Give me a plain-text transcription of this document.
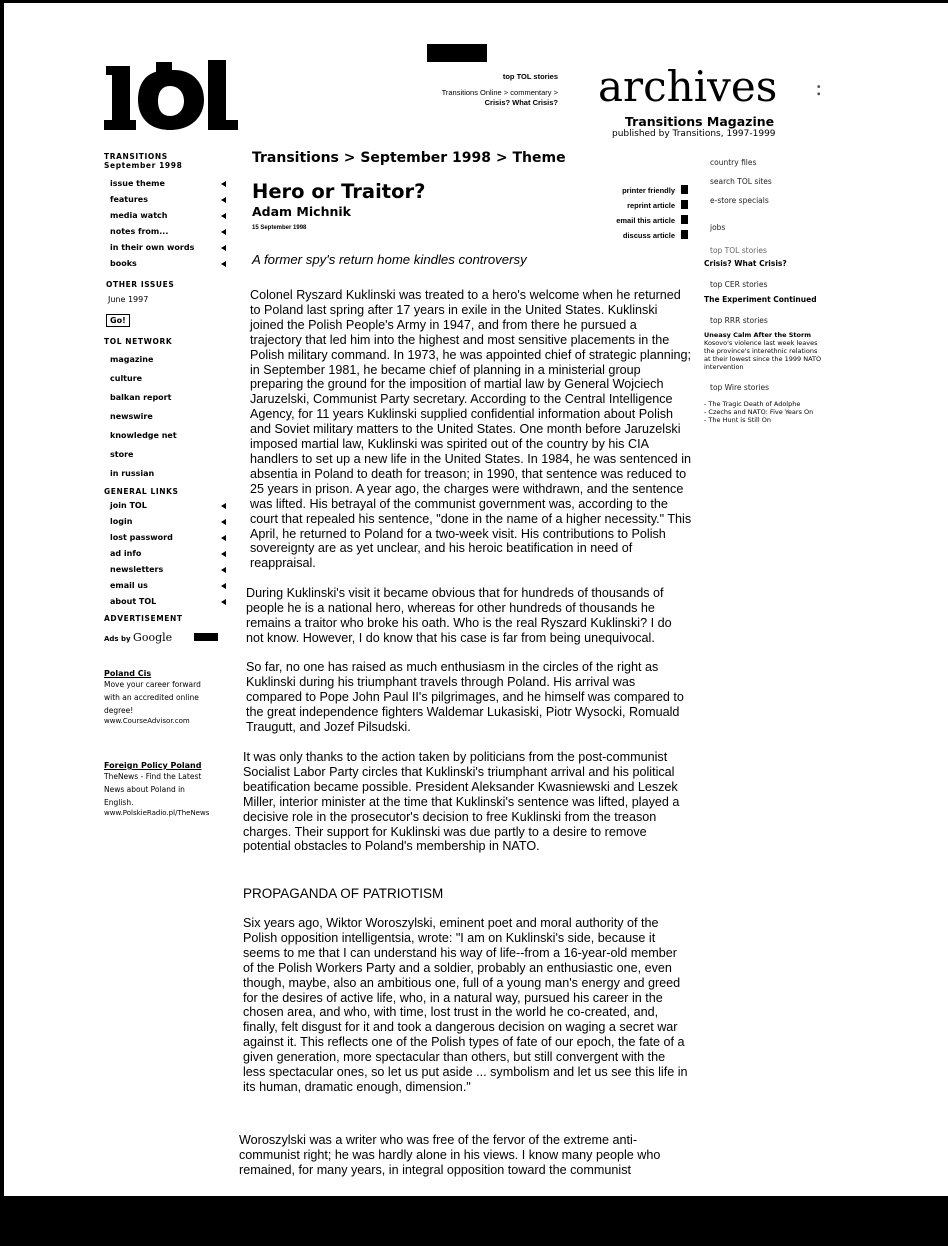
top TOL stories
Transitions Online > commentary >
Crisis? What Crisis? archives :
Transitions Magazine
published by Transitions, 1997-1999
TRANSITIONS
September 1998
issue theme
features
media watch
notes from...
in their own words
books
OTHER ISSUES
June 1997
Go!
TOL NETWORK
magazine
culture
balkan report
newswire
knowledge net
store
in russian
GENERAL LINKS
join TOL
login
lost password
ad info
newsletters
email us
about TOL
ADVERTISEMENT
Ads by Google
Poland Cis
Move your career forward
with an accredited online
degree!
www.CourseAdvisor.com
Foreign Policy Poland
TheNews - Find the Latest
News about Poland in
English.
www.PolskieRadio.pl/TheNews
Transitions > September 1998 > Theme
Hero or Traitor?
Adam Michnik
15 September 1998
printer friendly
reprint article
email this article
discuss article
A former spy's return home kindles controversy

Colonel Ryszard Kuklinski was treated to a hero's welcome when he returned to Poland last spring after 17 years in exile in the United States. Kuklinski joined the Polish People's Army in 1947, and from there he pursued a trajectory that led him into the highest and most sensitive placements in the Polish military command. In 1973, he was appointed chief of strategic planning; in September 1981, he became chief of planning in a ministerial group preparing the ground for the imposition of martial law by General Wojciech Jaruzelski, Communist Party secretary. According to the Central Intelligence Agency, for 11 years Kuklinski supplied confidential information about Polish and Soviet military matters to the United States. One month before Jaruzelski imposed martial law, Kuklinski was spirited out of the country by his CIA handlers to set up a new life in the United States. In 1984, he was sentenced in absentia in Poland to death for treason; in 1990, that sentence was reduced to 25 years in prison. A year ago, the charges were withdrawn, and the sentence was lifted. His betrayal of the communist government was, according to the court that repealed his sentence, "done in the name of a higher necessity." This April, he returned to Poland for a two-week visit. His contributions to Polish sovereignty are as yet unclear, and his heroic beatification in need of reappraisal.

During Kuklinski's visit it became obvious that for hundreds of thousands of people he is a national hero, whereas for other hundreds of thousands he remains a traitor who broke his oath. Who is the real Ryszard Kuklinski? I do not know. However, I do know that his case is far from being unequivocal.

So far, no one has raised as much enthusiasm in the circles of the right as Kuklinski during his triumphant travels through Poland. His arrival was compared to Pope John Paul II's pilgrimages, and he himself was compared to the great independence fighters Waldemar Lukasiski, Piotr Wysocki, Romuald Traugutt, and Jozef Pilsudski.

It was only thanks to the action taken by politicians from the post-communist Socialist Labor Party circles that Kuklinski's triumphant arrival and his political beatification became possible. President Aleksander Kwasniewski and Leszek Miller, interior minister at the time that Kuklinski's sentence was lifted, played a decisive role in the prosecutor's decision to free Kuklinski from the treason charges. Their support for Kuklinski was due partly to a desire to remove potential obstacles to Poland's membership in NATO.

PROPAGANDA OF PATRIOTISM

Six years ago, Wiktor Woroszylski, eminent poet and moral authority of the Polish opposition intelligentsia, wrote: "I am on Kuklinski's side, because it seems to me that I can understand his way of life--from a 16-year-old member of the Polish Workers Party and a soldier, probably an enthusiastic one, even though, maybe, also an ambitious one, full of a young man's energy and greed for the desires of active life, who, in a natural way, pursued his career in the chosen area, and who, with time, lost trust in the world he co-created, and, finally, felt disgust for it and took a dangerous decision on waging a secret war against it. This reflects one of the Polish types of fate of our epoch, the fate of a given generation, more spectacular than others, but still convergent with the less spectacular ones, so let us put aside ... symbolism and let us see this life in its human, dramatic enough, dimension."

Woroszylski was a writer who was free of the fervor of the extreme anti-communist right; he was hardly alone in his views. I know many people who remained, for many years, in integral opposition toward the communist

country files
search TOL sites
e-store specials
jobs
top TOL stories
Crisis? What Crisis?
top CER stories
The Experiment Continued
top RRR stories
Uneasy Calm After the Storm
Kosovo's violence last week leaves the province's interethnic relations at their lowest since the 1999 NATO intervention
top Wire stories
- The Tragic Death of Adolphe
- Czechs and NATO: Five Years On
- The Hunt is Still On
